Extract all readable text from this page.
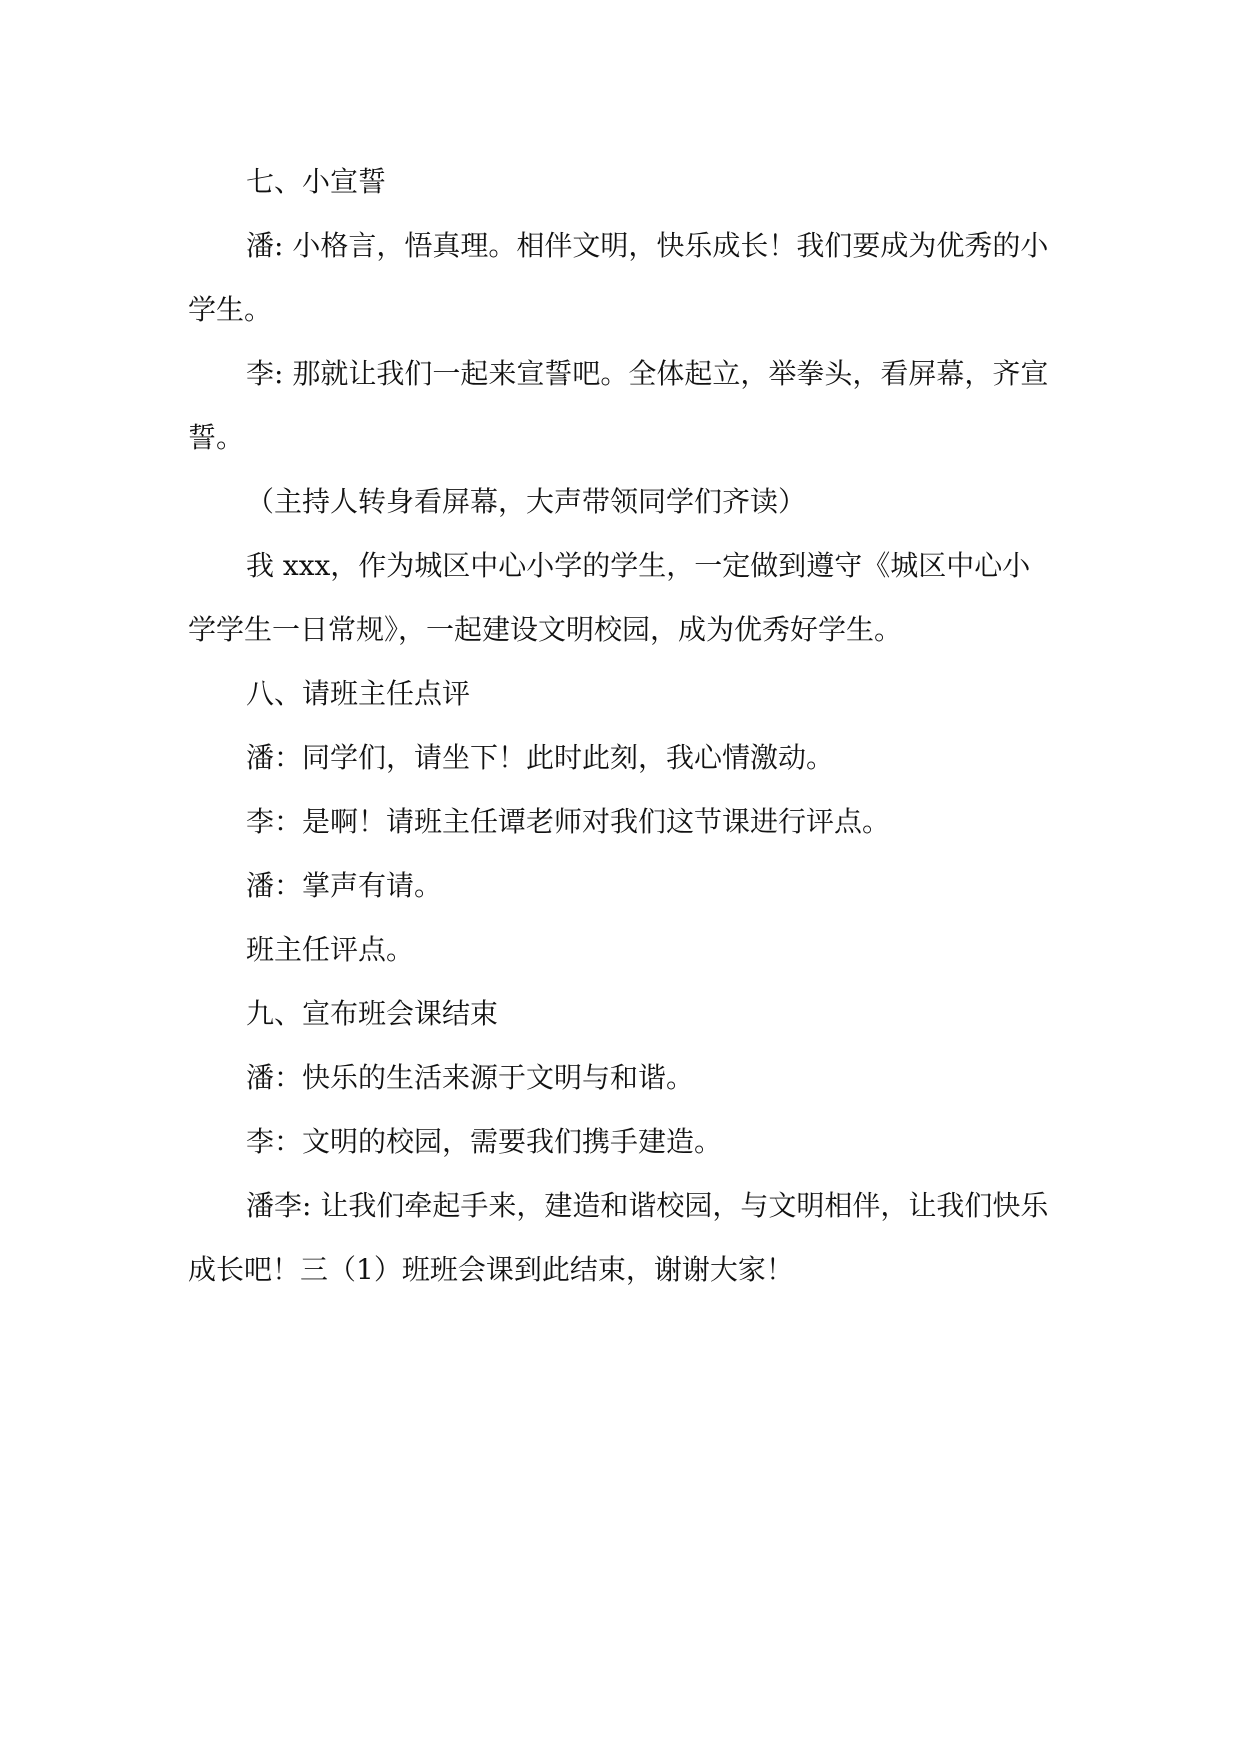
七、小宣誓

潘: 小格言，悟真理。相伴文明，快乐成长！我们要成为优秀的小学生。

李: 那就让我们一起来宣誓吧。全体起立，举拳头，看屏幕，齐宣誓。

（主持人转身看屏幕，大声带领同学们齐读）

我 xxx，作为城区中心小学的学生，一定做到遵守《城区中心小学学生一日常规》，一起建设文明校园，成为优秀好学生。

八、请班主任点评

潘：同学们，请坐下！此时此刻，我心情激动。

李：是啊！请班主任谭老师对我们这节课进行评点。

潘：掌声有请。

班主任评点。

九、宣布班会课结束

潘：快乐的生活来源于文明与和谐。

李：文明的校园，需要我们携手建造。

潘李: 让我们牵起手来，建造和谐校园，与文明相伴，让我们快乐成长吧！三（1）班班会课到此结束，谢谢大家！
